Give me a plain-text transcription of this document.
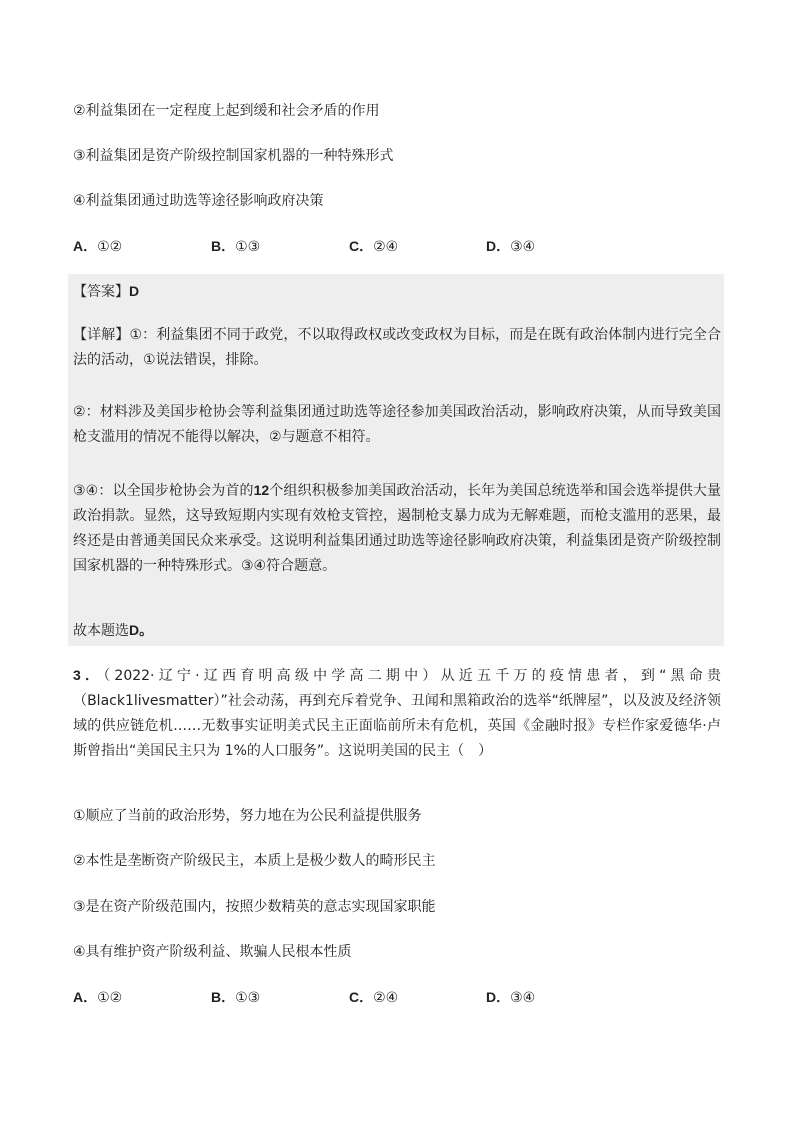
②利益集团在一定程度上起到缓和社会矛盾的作用

③利益集团是资产阶级控制国家机器的一种特殊形式

④利益集团通过助选等途径影响政府决策

A．①②	B．①③	C．②④	D．③④

【答案】D

【详解】①：利益集团不同于政党，不以取得政权或改变政权为目标，而是在既有政治体制内进行完全合法的活动，①说法错误，排除。

②：材料涉及美国步枪协会等利益集团通过助选等途径参加美国政治活动，影响政府决策，从而导致美国枪支滥用的情况不能得以解决，②与题意不相符。

③④：以全国步枪协会为首的12个组织积极参加美国政治活动，长年为美国总统选举和国会选举提供大量政治捐款。显然，这导致短期内实现有效枪支管控，遏制枪支暴力成为无解难题，而枪支滥用的恶果，最终还是由普通美国民众来承受。这说明利益集团通过助选等途径影响政府决策，利益集团是资产阶级控制国家机器的一种特殊形式。③④符合题意。

故本题选D。

3．（2022·辽宁·辽西育明高级中学高二期中）从近五千万的疫情患者，到“黑命贵（Black1livesmatter）”社会动荡，再到充斥着党争、丑闻和黑箱政治的选举“纸牌屋”，以及波及经济领域的供应链危机……无数事实证明美式民主正面临前所未有危机，英国《金融时报》专栏作家爱德华·卢斯曾指出“美国民主只为 1%的人口服务”。这说明美国的民主（　）

①顺应了当前的政治形势，努力地在为公民利益提供服务

②本性是垄断资产阶级民主，本质上是极少数人的畸形民主

③是在资产阶级范围内，按照少数精英的意志实现国家职能

④具有维护资产阶级利益、欺骗人民根本性质

A．①②	B．①③	C．②④	D．③④
